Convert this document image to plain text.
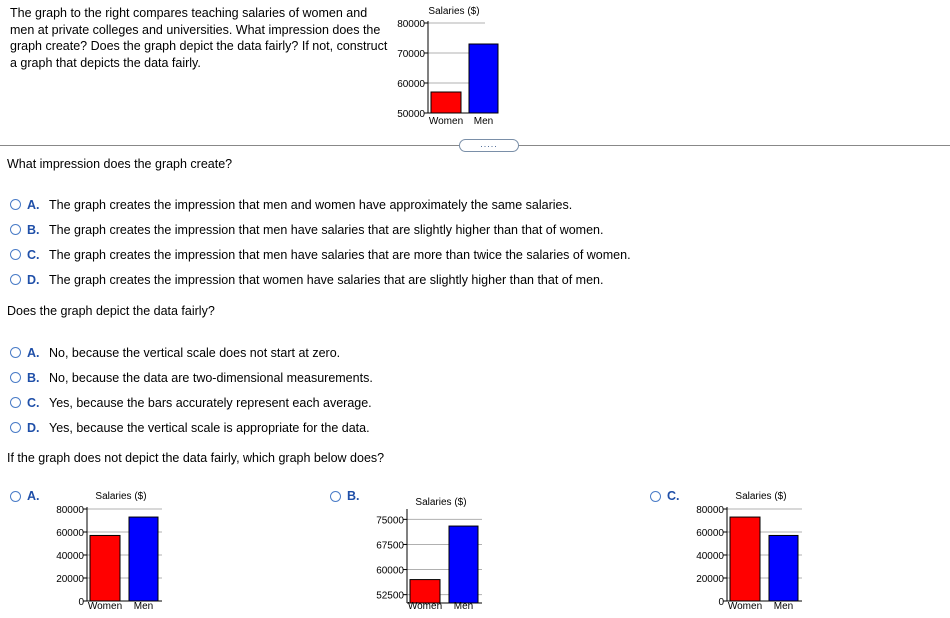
The graph to the right compares teaching salaries of women and men at private colleges and universities. What impression does the graph create? Does the graph depict the data fairly? If not, construct a graph that depicts the data fairly.
Salaries ($)
50000
60000
70000
80000
Women Men
.....
What impression does the graph create?
A. The graph creates the impression that men and women have approximately the same salaries.
B. The graph creates the impression that men have salaries that are slightly higher than that of women.
C. The graph creates the impression that men have salaries that are more than twice the salaries of women.
D. The graph creates the impression that women have salaries that are slightly higher than that of men.
Does the graph depict the data fairly?
A. No, because the vertical scale does not start at zero.
B. No, because the data are two-dimensional measurements.
C. Yes, because the bars accurately represent each average.
D. Yes, because the vertical scale is appropriate for the data.
If the graph does not depict the data fairly, which graph below does?
A.	B.	C.
Salaries ($)
0
20000
40000
60000
80000
Women Men
Salaries ($)
52500
60000
67500
75000
Women Men
Salaries ($)
0
20000
40000
60000
80000
Women Men
